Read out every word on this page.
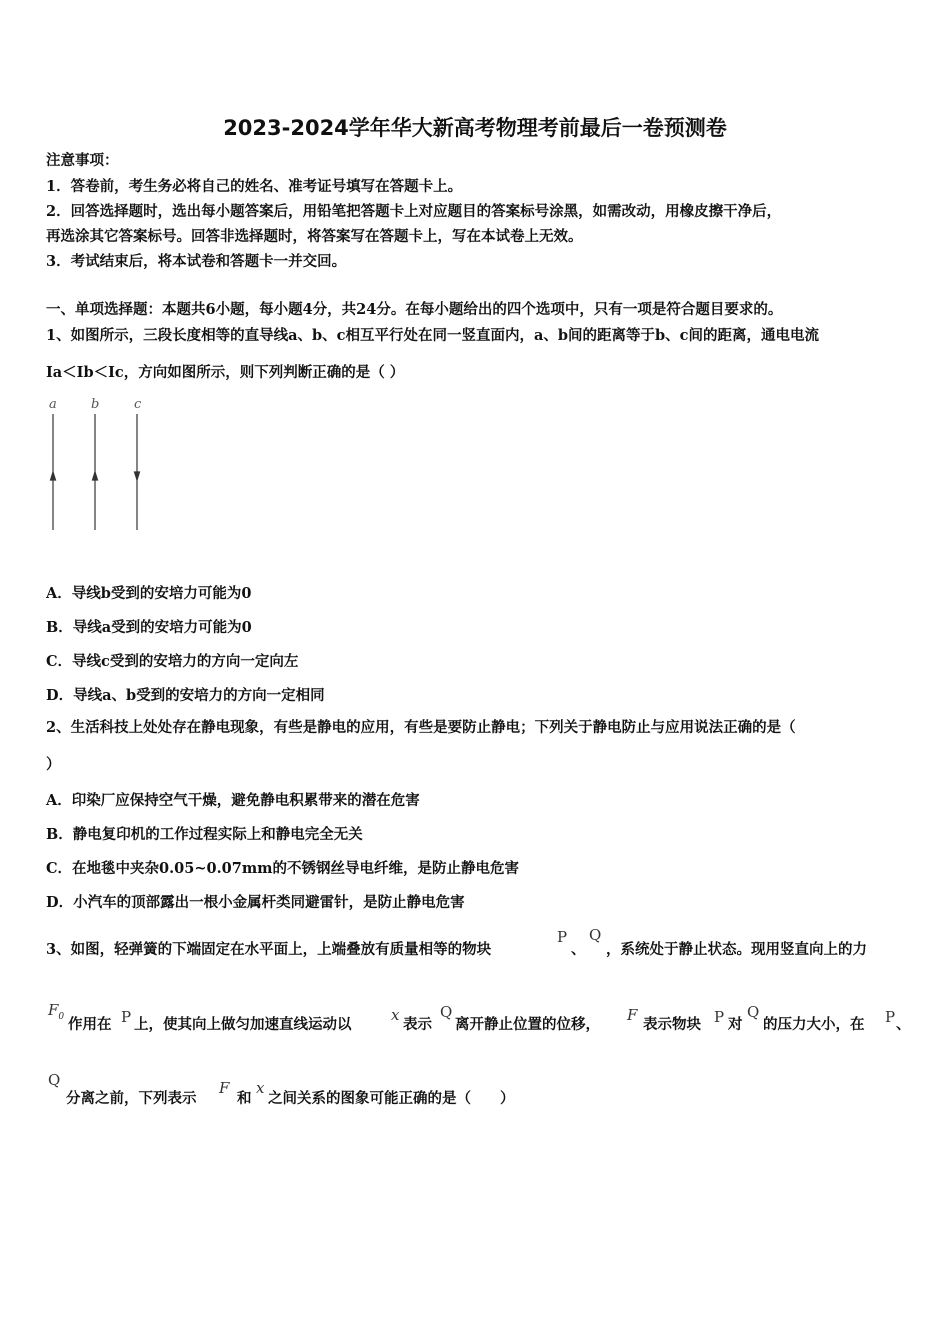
2023-2024学年华大新高考物理考前最后一卷预测卷
注意事项：
1．答卷前，考生务必将自己的姓名、准考证号填写在答题卡上。
2．回答选择题时，选出每小题答案后，用铅笔把答题卡上对应题目的答案标号涂黑，如需改动，用橡皮擦干净后，
再选涂其它答案标号。回答非选择题时，将答案写在答题卡上，写在本试卷上无效。
3．考试结束后，将本试卷和答题卡一并交回。
一、单项选择题：本题共6小题，每小题4分，共24分。在每小题给出的四个选项中，只有一项是符合题目要求的。
1、如图所示，三段长度相等的直导线a、b、c相互平行处在同一竖直面内，a、b间的距离等于b、c间的距离，通电电流
Ia＜Ib＜Ic，方向如图所示，则下列判断正确的是（ ）
a	b	c
A．导线b受到的安培力可能为0
B．导线a受到的安培力可能为0
C．导线c受到的安培力的方向一定向左
D．导线a、b受到的安培力的方向一定相同
2、生活科技上处处存在静电现象，有些是静电的应用，有些是要防止静电；下列关于静电防止与应用说法正确的是（
）
A．印染厂应保持空气干燥，避免静电积累带来的潜在危害
B．静电复印机的工作过程实际上和静电完全无关
C．在地毯中夹杂0.05~0.07mm的不锈钢丝导电纤维，是防止静电危害
D．小汽车的顶部露出一根小金属杆类同避雷针，是防止静电危害
3、如图，轻弹簧的下端固定在水平面上，上端叠放有质量相等的物块
P
、
Q
，系统处于静止状态。现用竖直向上的力
$F_0$ 作用在 P 上，使其向上做匀加速直线运动以
x
表示
Q
离开静止位置的位移，
F
表示物块 P 对
Q
的压力大小，在 P 、
Q
分离之前，下列表示
F
和
x
之间关系的图象可能正确的是（　　）
